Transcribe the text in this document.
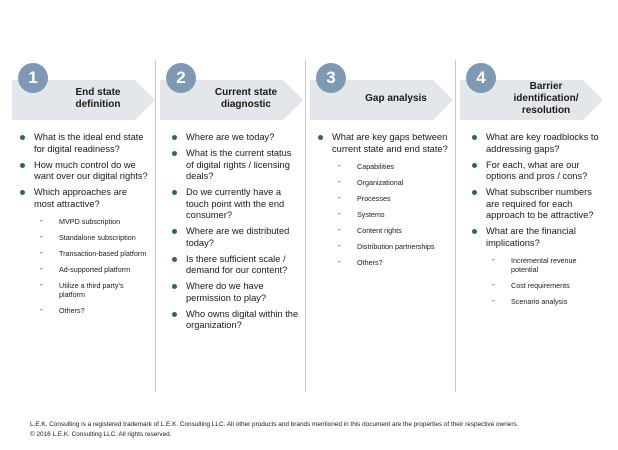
1
End state
definition
What is the ideal end state for digital readiness?
How much control do we want over our digital rights?
Which approaches are most attractive?
- MVPD subscription
- Standalone subscription
- Transaction-based platform
- Ad-supported platform
- Utilize a third party’s platform
- Others?
2
Current state
diagnostic
Where are we today?
What is the current status of digital rights / licensing deals?
Do we currently have a touch point with the end consumer?
Where are we distributed today?
Is there sufficient scale / demand for our content?
Where do we have permission to play?
Who owns digital within the organization?
3
Gap analysis
What are key gaps between current state and end state?
- Capabilities
- Organizational
- Processes
- Systems
- Content rights
- Distribution partnerships
- Others?
4	Barrier
identification/
resolution
What are key roadblocks to addressing gaps?
For each, what are our options and pros / cons?
What subscriber numbers are required for each approach to be attractive?
What are the financial implications?
- Incremental revenue potential
- Cost requirements
- Scenario analysis
L.E.K. Consulting is a registered trademark of L.E.K. Consulting LLC. All other products and brands mentioned in this document are the properties of their respective owners.
© 2016 L.E.K. Consulting LLC. All rights reserved.
